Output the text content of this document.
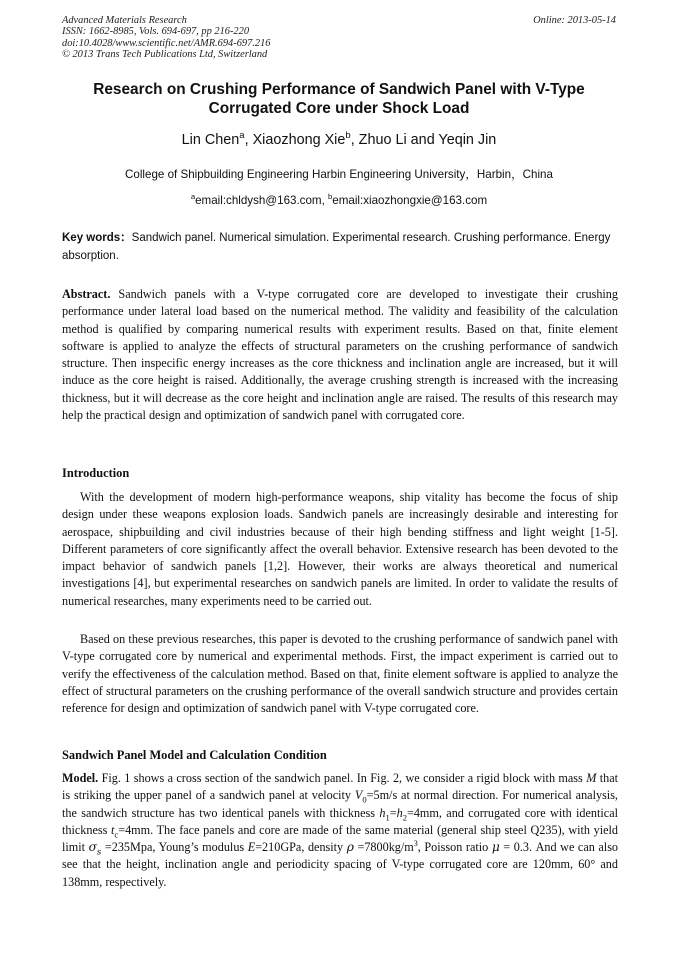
Advanced Materials Research
ISSN: 1662-8985, Vols. 694-697, pp 216-220
doi:10.4028/www.scientific.net/AMR.694-697.216
© 2013 Trans Tech Publications Ltd, Switzerland
Online: 2013-05-14
Research on Crushing Performance of Sandwich Panel with V-Type
Corrugated Core under Shock Load
Lin Chen$^a$, Xiaozhong Xie$^b$, Zhuo Li and Yeqin Jin
College of Shipbuilding Engineering Harbin Engineering University，Harbin，China
$^a$email:chldysh@163.com, $^b$email:xiaozhongxie@163.com
Key words：Sandwich panel. Numerical simulation. Experimental research. Crushing performance. Energy absorption.
Abstract. Sandwich panels with a V-type corrugated core are developed to investigate their crushing performance under lateral load based on the numerical method. The validity and feasibility of the calculation method is qualified by comparing numerical results with experiment results. Based on that, finite element software is applied to analyze the effects of structural parameters on the crushing performance of sandwich structure. Then inspecific energy increases as the core thickness and inclination angle are increased, but it will induce as the core height is raised. Additionally, the average crushing strength is increased with the increasing thickness, but it will decrease as the core height and inclination angle are raised. The results of this research may help the practical design and optimization of sandwich panel with corrugated core.
Introduction
With the development of modern high-performance weapons, ship vitality has become the focus of ship design under these weapons explosion loads. Sandwich panels are increasingly desirable and interesting for aerospace, shipbuilding and civil industries because of their high bending stiffness and light weight [1-5]. Different parameters of core significantly affect the overall behavior. Extensive research has been devoted to the impact behavior of sandwich panels [1,2]. However, their works are always theoretical and numerical investigations [4], but experimental researches on sandwich panels are limited. In order to validate the results of numerical researches, many experiments need to be carried out.
Based on these previous researches, this paper is devoted to the crushing performance of sandwich panel with V-type corrugated core by numerical and experimental methods. First, the impact experiment is carried out to verify the effectiveness of the calculation method. Based on that, finite element software is applied to analyze the effect of structural parameters on the crushing performance of the overall sandwich structure and provides certain reference for design and optimization of sandwich panel with V-type corrugated core.
Sandwich Panel Model and Calculation Condition
Model. Fig. 1 shows a cross section of the sandwich panel. In Fig. 2, we consider a rigid block with mass M that is striking the upper panel of a sandwich panel at velocity $V_0=5m/s$ at normal direction. For numerical analysis, the sandwich structure has two identical panels with thickness $h_1=h_2=4mm$, and corrugated core with identical thickness $t_c=4mm$. The face panels and core are made of the same material (general ship steel Q235), with yield limit $\sigma_s =235Mpa$, Young’s modulus E=210GPa, density $\rho =7800kg/m^3$, Poisson ratio μ = 0.3. And we can also see that the height, inclination angle and periodicity spacing of V-type corrugated core are 120mm, 60° and 138mm, respectively.
